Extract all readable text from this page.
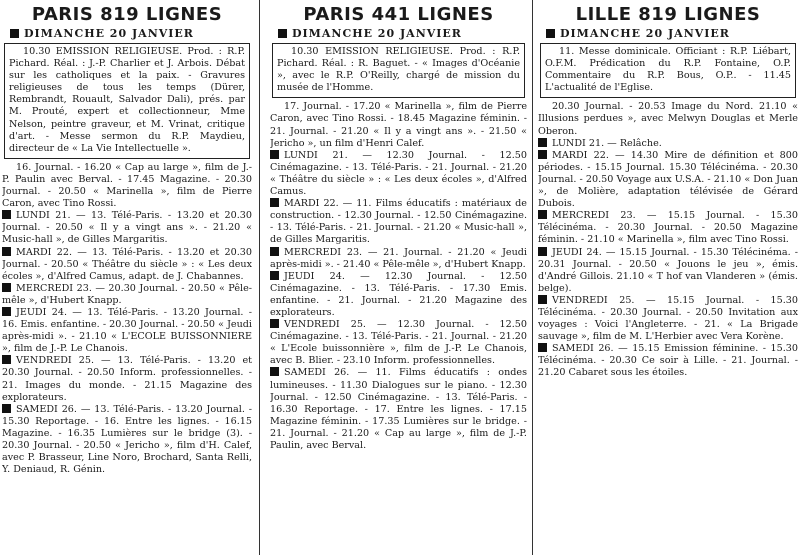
PARIS 819 LIGNES
DIMANCHE 20 JANVIER

10.30 EMISSION RELIGIEUSE. Prod. : R.P. Pichard. Réal. : J.-P. Charlier et J. Arbois. Débat sur les catholiques et la paix. - Gravures religieuses de tous les temps (Dürer, Rembrandt, Rouault, Salvador Dali), prés. par M. Prouté, expert et collectionneur, Mme Nelson, peintre graveur, et M. Vrinat, critique d'art. - Messe sermon du R.P. Maydieu, directeur de « La Vie Intellectuelle ».

16. Journal. - 16.20 « Cap au large », film de J.-P. Paulin avec Berval. - 17.45 Magazine. - 20.30 Journal. - 20.50 « Marinella », film de Pierre Caron, avec Tino Rossi.

LUNDI 21. — 13. Télé-Paris. - 13.20 et 20.30 Journal. - 20.50 « Il y a vingt ans ». - 21.20 « Music-hall », de Gilles Margaritis.
MARDI 22. — 13. Télé-Paris. - 13.20 et 20.30 Journal. - 20.50 « Théâtre du siècle » : « Les deux écoles », d'Alfred Camus, adapt. de J. Chabannes.
MERCREDI 23. — 20.30 Journal. - 20.50 « Pêle-mêle », d'Hubert Knapp.
JEUDI 24. — 13. Télé-Paris. - 13.20 Journal. - 16. Emis. enfantine. - 20.30 Journal. - 20.50 « Jeudi après-midi ». - 21.10 « L'ECOLE BUISSONNIERE », film de J.-P. Le Chanois.
VENDREDI 25. — 13. Télé-Paris. - 13.20 et 20.30 Journal. - 20.50 Inform. professionnelles. - 21. Images du monde. - 21.15 Magazine des explorateurs.
SAMEDI 26. — 13. Télé-Paris. - 13.20 Journal. - 15.30 Reportage. - 16. Entre les lignes. - 16.15 Magazine. - 16.35 Lumières sur le bridge (3). - 20.30 Journal. - 20.50 « Jericho », film d'H. Calef, avec P. Brasseur, Line Noro, Brochard, Santa Relli, Y. Deniaud, R. Génin.
PARIS 441 LIGNES
DIMANCHE 20 JANVIER

10.30 EMISSION RELIGIEUSE. Prod. : R.P. Pichard. Réal. : R. Baguet. - « Images d'Océanie », avec le R.P. O'Reilly, chargé de mission du musée de l'Homme.

17. Journal. - 17.20 « Marinella », film de Pierre Caron, avec Tino Rossi. - 18.45 Magazine féminin. - 21. Journal. - 21.20 « Il y a vingt ans ». - 21.50 « Jericho », un film d'Henri Calef.

LUNDI 21. — 12.30 Journal. - 12.50 Cinémagazine. - 13. Télé-Paris. - 21. Journal. - 21.20 « Théâtre du siècle » : « Les deux écoles », d'Alfred Camus.
MARDI 22. — 11. Films éducatifs : matériaux de construction. - 12.30 Journal. - 12.50 Cinémagazine. - 13. Télé-Paris. - 21. Journal. - 21.20 « Music-hall », de Gilles Margaritis.
MERCREDI 23. — 21. Journal. - 21.20 « Jeudi après-midi ». - 21.40 « Pêle-mêle », d'Hubert Knapp.
JEUDI 24. — 12.30 Journal. - 12.50 Cinémagazine. - 13. Télé-Paris. - 17.30 Emis. enfantine. - 21. Journal. - 21.20 Magazine des explorateurs.
VENDREDI 25. — 12.30 Journal. - 12.50 Cinémagazine. - 13. Télé-Paris. - 21. Journal. - 21.20 « L'Ecole buissonnière », film de J.-P. Le Chanois, avec B. Blier. - 23.10 Inform. professionnelles.
SAMEDI 26. — 11. Films éducatifs : ondes lumineuses. - 11.30 Dialogues sur le piano. - 12.30 Journal. - 12.50 Cinémagazine. - 13. Télé-Paris. - 16.30 Reportage. - 17. Entre les lignes. - 17.15 Magazine féminin. - 17.35 Lumières sur le bridge. - 21. Journal. - 21.20 « Cap au large », film de J.-P. Paulin, avec Berval.
LILLE 819 LIGNES
DIMANCHE 20 JANVIER

11. Messe dominicale. Officiant : R.P. Liébart, O.F.M. Prédication du R.P. Fontaine, O.P. Commentaire du R.P. Bous, O.P.. - 11.45 L'actualité de l'Eglise.

20.30 Journal. - 20.53 Image du Nord. 21.10 « Illusions perdues », avec Melwyn Douglas et Merle Oberon.

LUNDI 21. — Relâche.
MARDI 22. — 14.30 Mire de définition et 800 périodes. - 15.15 Journal. 15.30 Télécinéma. - 20.30 Journal. - 20.50 Voyage aux U.S.A. - 21.10 « Don Juan », de Molière, adaptation télévisée de Gérard Dubois.
MERCREDI 23. — 15.15 Journal. - 15.30 Télécinéma. - 20.30 Journal. - 20.50 Magazine féminin. - 21.10 « Marinella », film avec Tino Rossi.
JEUDI 24. — 15.15 Journal. - 15.30 Télécinéma. - 20.31 Journal. - 20.50 « Jouons le jeu », émis. d'André Gillois. 21.10 « T hof van Vlanderen » (émis. belge).
VENDREDI 25. — 15.15 Journal. - 15.30 Télécinéma. - 20.30 Journal. - 20.50 Invitation aux voyages : Voici l'Angleterre. - 21. « La Brigade sauvage », film de M. L'Herbier avec Vera Korène.
SAMEDI 26. — 15.15 Emission féminine. - 15.30 Télécinéma. - 20.30 Ce soir à Lille. - 21. Journal. - 21.20 Cabaret sous les étoiles.
